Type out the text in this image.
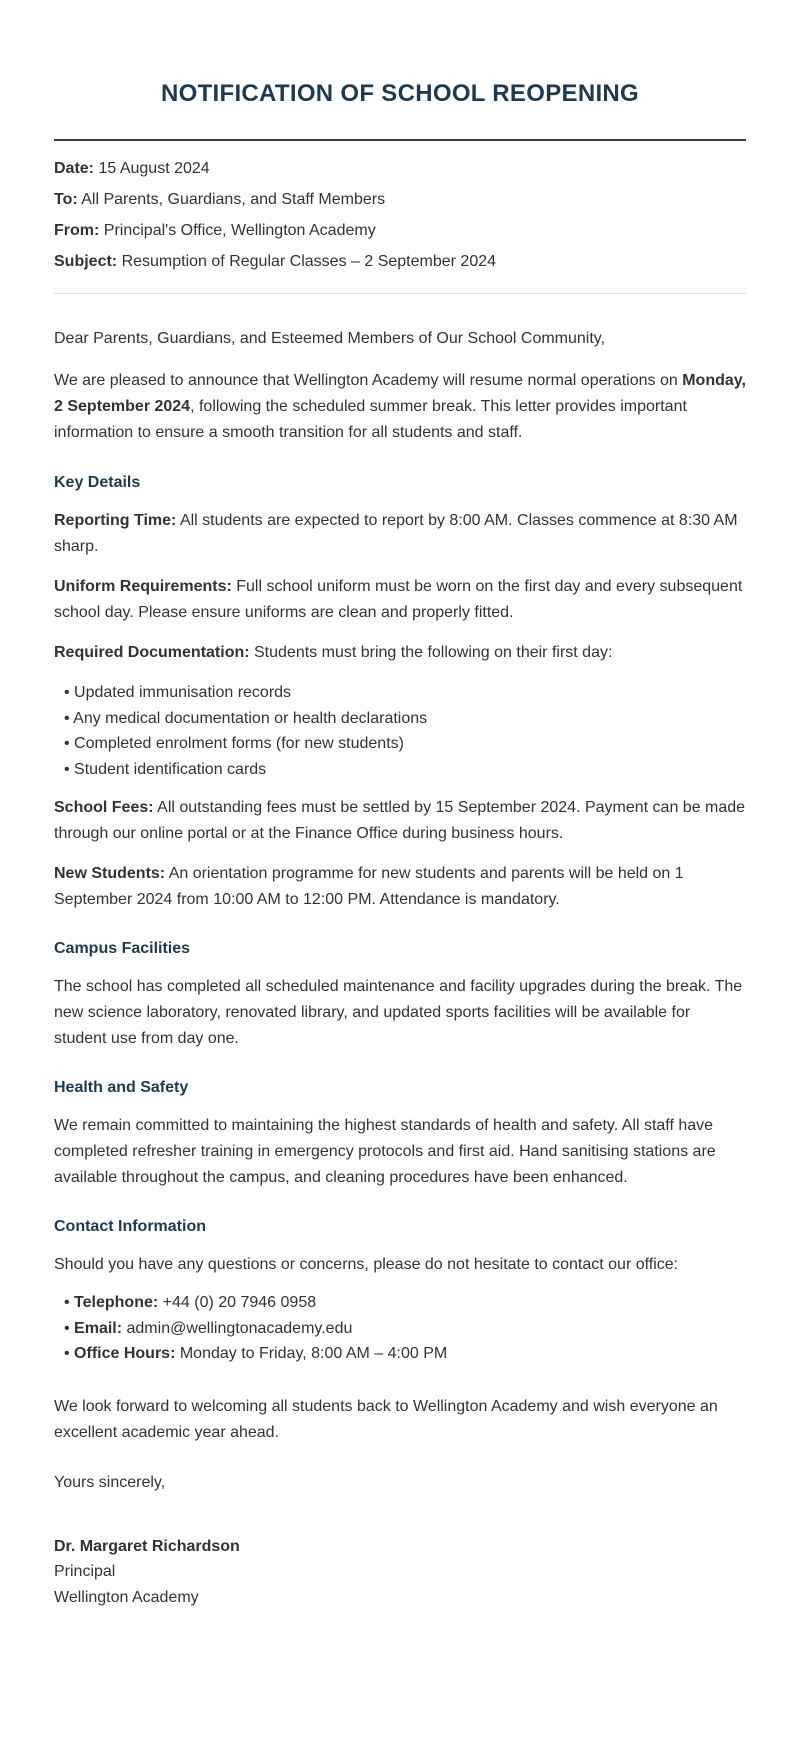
NOTIFICATION OF SCHOOL REOPENING
Date: 15 August 2024
To: All Parents, Guardians, and Staff Members
From: Principal's Office, Wellington Academy
Subject: Resumption of Regular Classes – 2 September 2024

Dear Parents, Guardians, and Esteemed Members of Our School Community,

We are pleased to announce that Wellington Academy will resume normal operations on Monday, 2 September 2024, following the scheduled summer break. This letter provides important information to ensure a smooth transition for all students and staff.

Key Details

Reporting Time: All students are expected to report by 8:00 AM. Classes commence at 8:30 AM sharp.

Uniform Requirements: Full school uniform must be worn on the first day and every subsequent school day. Please ensure uniforms are clean and properly fitted.

Required Documentation: Students must bring the following on their first day:

• Updated immunisation records
• Any medical documentation or health declarations
• Completed enrolment forms (for new students)
• Student identification cards

School Fees: All outstanding fees must be settled by 15 September 2024. Payment can be made through our online portal or at the Finance Office during business hours.

New Students: An orientation programme for new students and parents will be held on 1 September 2024 from 10:00 AM to 12:00 PM. Attendance is mandatory.

Campus Facilities

The school has completed all scheduled maintenance and facility upgrades during the break. The new science laboratory, renovated library, and updated sports facilities will be available for student use from day one.

Health and Safety

We remain committed to maintaining the highest standards of health and safety. All staff have completed refresher training in emergency protocols and first aid. Hand sanitising stations are available throughout the campus, and cleaning procedures have been enhanced.

Contact Information

Should you have any questions or concerns, please do not hesitate to contact our office:

• Telephone: +44 (0) 20 7946 0958
• Email: admin@wellingtonacademy.edu
• Office Hours: Monday to Friday, 8:00 AM – 4:00 PM

We look forward to welcoming all students back to Wellington Academy and wish everyone an excellent academic year ahead.

Yours sincerely,

Dr. Margaret Richardson
Principal
Wellington Academy
